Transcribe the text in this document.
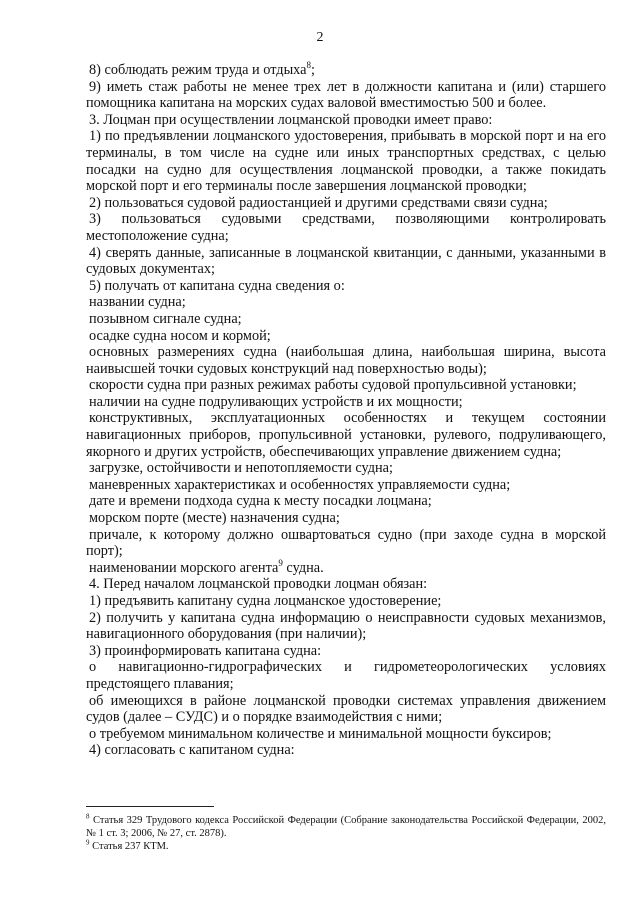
2

8) соблюдать режим труда и отдыха$^8$;

9) иметь стаж работы не менее трех лет в должности капитана и (или) старшего помощника капитана на морских судах валовой вместимостью 500 и более.

3. Лоцман при осуществлении лоцманской проводки имеет право:

1) по предъявлении лоцманского удостоверения, прибывать в морской порт и на его терминалы, в том числе на судне или иных транспортных средствах, с целью посадки на судно для осуществления лоцманской проводки, а также покидать морской порт и его терминалы после завершения лоцманской проводки;

2) пользоваться судовой радиостанцией и другими средствами связи судна;

3) пользоваться судовыми средствами, позволяющими контролировать местоположение судна;

4) сверять данные, записанные в лоцманской квитанции, с данными, указанными в судовых документах;

5) получать от капитана судна сведения о:

названии судна;

позывном сигнале судна;

осадке судна носом и кормой;

основных размерениях судна (наибольшая длина, наибольшая ширина, высота наивысшей точки судовых конструкций над поверхностью воды);

скорости судна при разных режимах работы судовой пропульсивной установки;

наличии на судне подруливающих устройств и их мощности;

конструктивных, эксплуатационных особенностях и текущем состоянии навигационных приборов, пропульсивной установки, рулевого, подруливающего, якорного и других устройств, обеспечивающих управление движением судна;

загрузке, остойчивости и непотопляемости судна;

маневренных характеристиках и особенностях управляемости судна;

дате и времени подхода судна к месту посадки лоцмана;

морском порте (месте) назначения судна;

причале, к которому должно ошвартоваться судно (при заходе судна в морской порт);

наименовании морского агента$^9$ судна.

4. Перед началом лоцманской проводки лоцман обязан:

1) предъявить капитану судна лоцманское удостоверение;

2) получить у капитана судна информацию о неисправности судовых механизмов, навигационного оборудования (при наличии);

3) проинформировать капитана судна:

о навигационно-гидрографических и гидрометеорологических условиях предстоящего плавания;

об имеющихся в районе лоцманской проводки системах управления движением судов (далее – СУДС) и о порядке взаимодействия с ними;

о требуемом минимальном количестве и минимальной мощности буксиров;

4) согласовать с капитаном судна:

$^8$ Статья 329 Трудового кодекса Российской Федерации (Собрание законодательства Российской Федерации, 2002, № 1 ст. 3; 2006, № 27, ст. 2878).

$^9$ Статья 237 КТМ.
